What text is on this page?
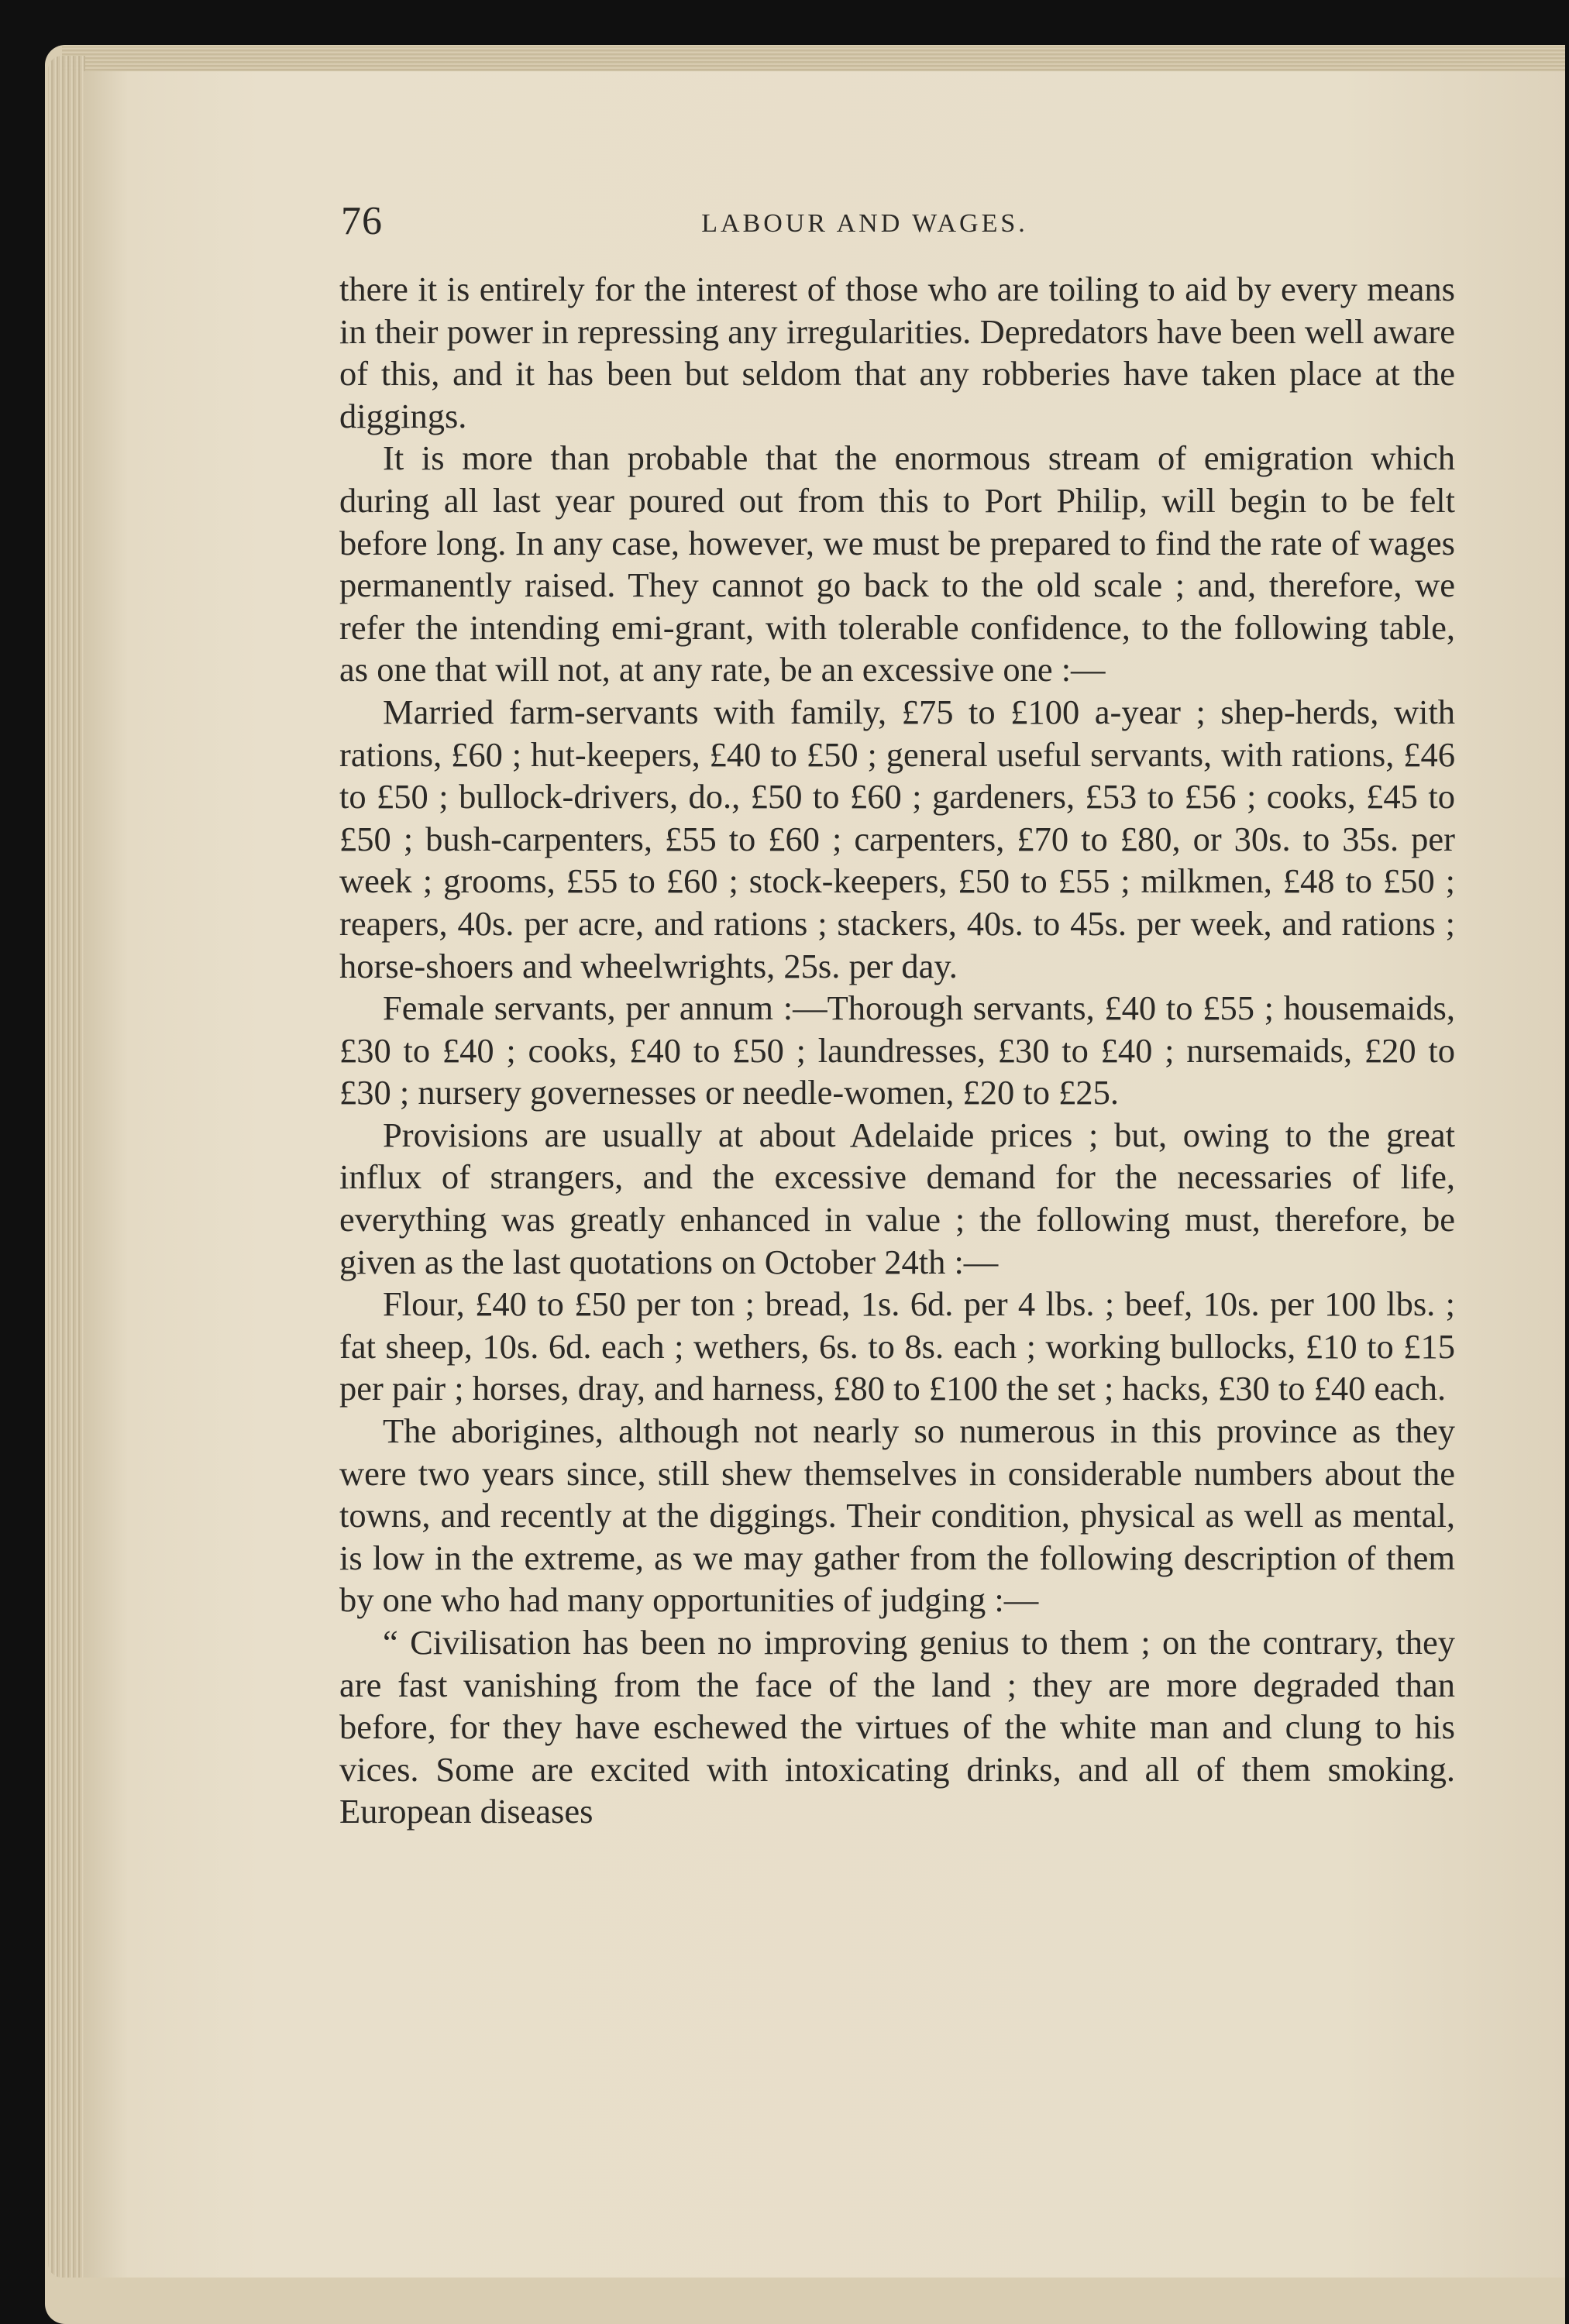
76	LABOUR AND WAGES.

there it is entirely for the interest of those who are toiling to aid by every means in their power in repressing any irregularities. Depredators have been well aware of this, and it has been but seldom that any robberies have taken place at the diggings.

It is more than probable that the enormous stream of emigration which during all last year poured out from this to Port Philip, will begin to be felt before long. In any case, however, we must be prepared to find the rate of wages permanently raised. They cannot go back to the old scale ; and, therefore, we refer the intending emi-grant, with tolerable confidence, to the following table, as one that will not, at any rate, be an excessive one :—

Married farm-servants with family, £75 to £100 a-year ; shep-herds, with rations, £60 ; hut-keepers, £40 to £50 ; general useful servants, with rations, £46 to £50 ; bullock-drivers, do., £50 to £60 ; gardeners, £53 to £56 ; cooks, £45 to £50 ; bush-carpenters, £55 to £60 ; carpenters, £70 to £80, or 30s. to 35s. per week ; grooms, £55 to £60 ; stock-keepers, £50 to £55 ; milkmen, £48 to £50 ; reapers, 40s. per acre, and rations ; stackers, 40s. to 45s. per week, and rations ; horse-shoers and wheelwrights, 25s. per day.

Female servants, per annum :—Thorough servants, £40 to £55 ; housemaids, £30 to £40 ; cooks, £40 to £50 ; laundresses, £30 to £40 ; nursemaids, £20 to £30 ; nursery governesses or needle-women, £20 to £25.

Provisions are usually at about Adelaide prices ; but, owing to the great influx of strangers, and the excessive demand for the necessaries of life, everything was greatly enhanced in value ; the following must, therefore, be given as the last quotations on October 24th :—

Flour, £40 to £50 per ton ; bread, 1s. 6d. per 4 lbs. ; beef, 10s. per 100 lbs. ; fat sheep, 10s. 6d. each ; wethers, 6s. to 8s. each ; working bullocks, £10 to £15 per pair ; horses, dray, and harness, £80 to £100 the set ; hacks, £30 to £40 each.

The aborigines, although not nearly so numerous in this province as they were two years since, still shew themselves in considerable numbers about the towns, and recently at the diggings. Their condition, physical as well as mental, is low in the extreme, as we may gather from the following description of them by one who had many opportunities of judging :—

“ Civilisation has been no improving genius to them ; on the contrary, they are fast vanishing from the face of the land ; they are more degraded than before, for they have eschewed the virtues of the white man and clung to his vices. Some are excited with intoxicating drinks, and all of them smoking. European diseases
